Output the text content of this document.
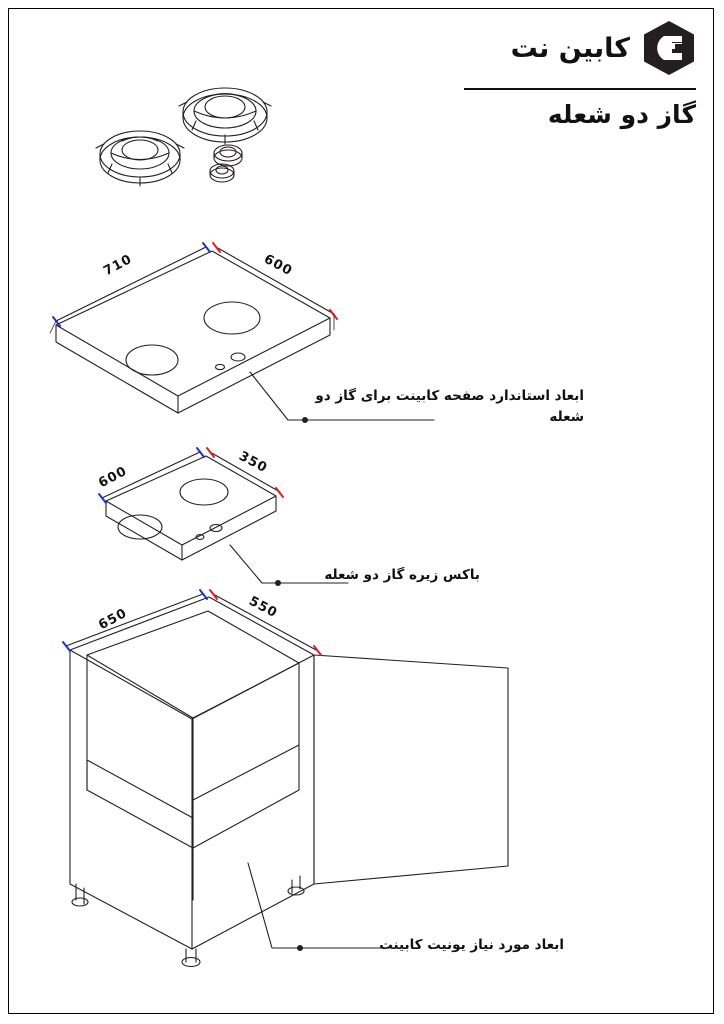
کابین نت
گاز دو شعله
ابعاد استاندارد صفحه کابینت برای گاز دو شعله
باکس زیره گاز دو شعله
ابعاد مورد نیاز یونیت کابینت
710	600
600
350
650	550
